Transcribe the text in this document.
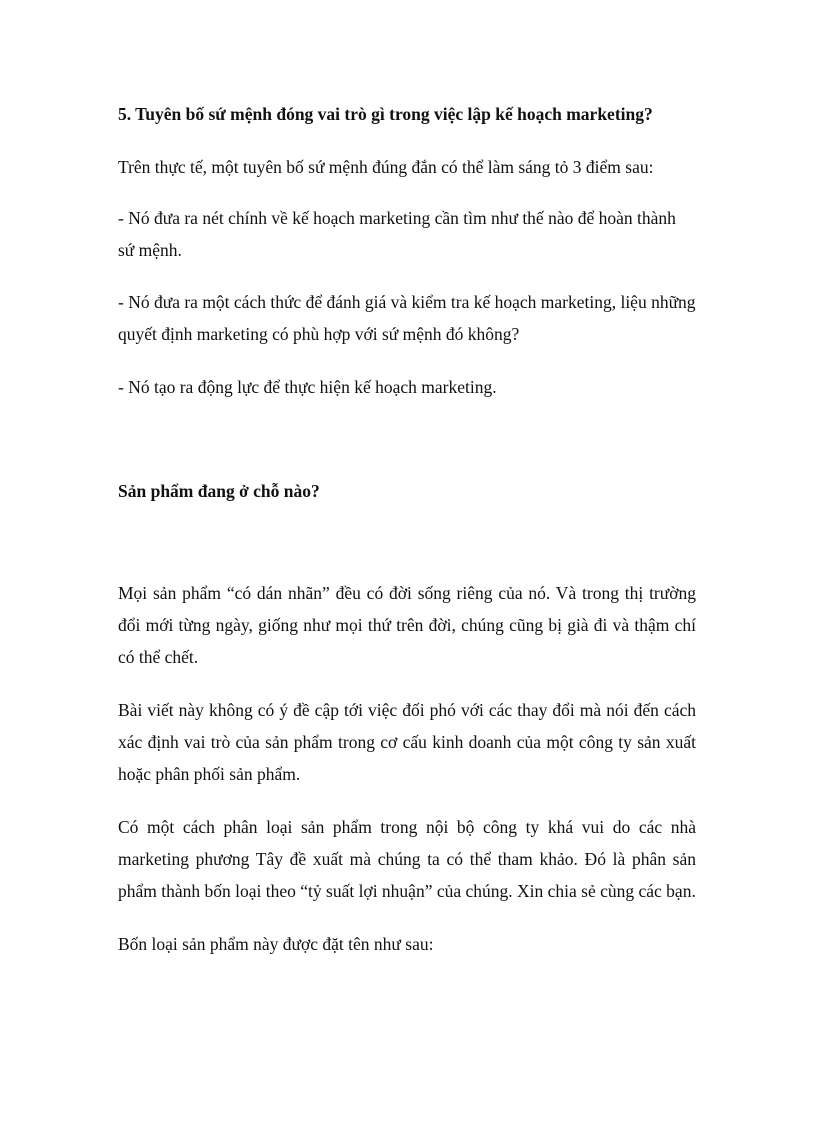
5. Tuyên bố sứ mệnh đóng vai trò gì trong việc lập kế hoạch marketing?

Trên thực tế, một tuyên bố sứ mệnh đúng đắn có thể làm sáng tỏ 3 điểm sau:

- Nó đưa ra nét chính về kế hoạch marketing cần tìm như thế nào để hoàn thành sứ mệnh.

- Nó đưa ra một cách thức để đánh giá và kiểm tra kế hoạch marketing, liệu những quyết định marketing có phù hợp với sứ mệnh đó không?

- Nó tạo ra động lực để thực hiện kế hoạch marketing.

Sản phẩm đang ở chỗ nào?

Mọi sản phẩm “có dán nhãn” đều có đời sống riêng của nó. Và trong thị trường đổi mới từng ngày, giống như mọi thứ trên đời, chúng cũng bị già đi và thậm chí có thể chết.

Bài viết này không có ý đề cập tới việc đối phó với các thay đổi mà nói đến cách xác định vai trò của sản phẩm trong cơ cấu kinh doanh của một công ty sản xuất hoặc phân phối sản phẩm.

Có một cách phân loại sản phẩm trong nội bộ công ty khá vui do các nhà marketing phương Tây đề xuất mà chúng ta có thể tham khảo. Đó là phân sản phẩm thành bốn loại theo “tỷ suất lợi nhuận” của chúng. Xin chia sẻ cùng các bạn.

Bốn loại sản phẩm này được đặt tên như sau:
